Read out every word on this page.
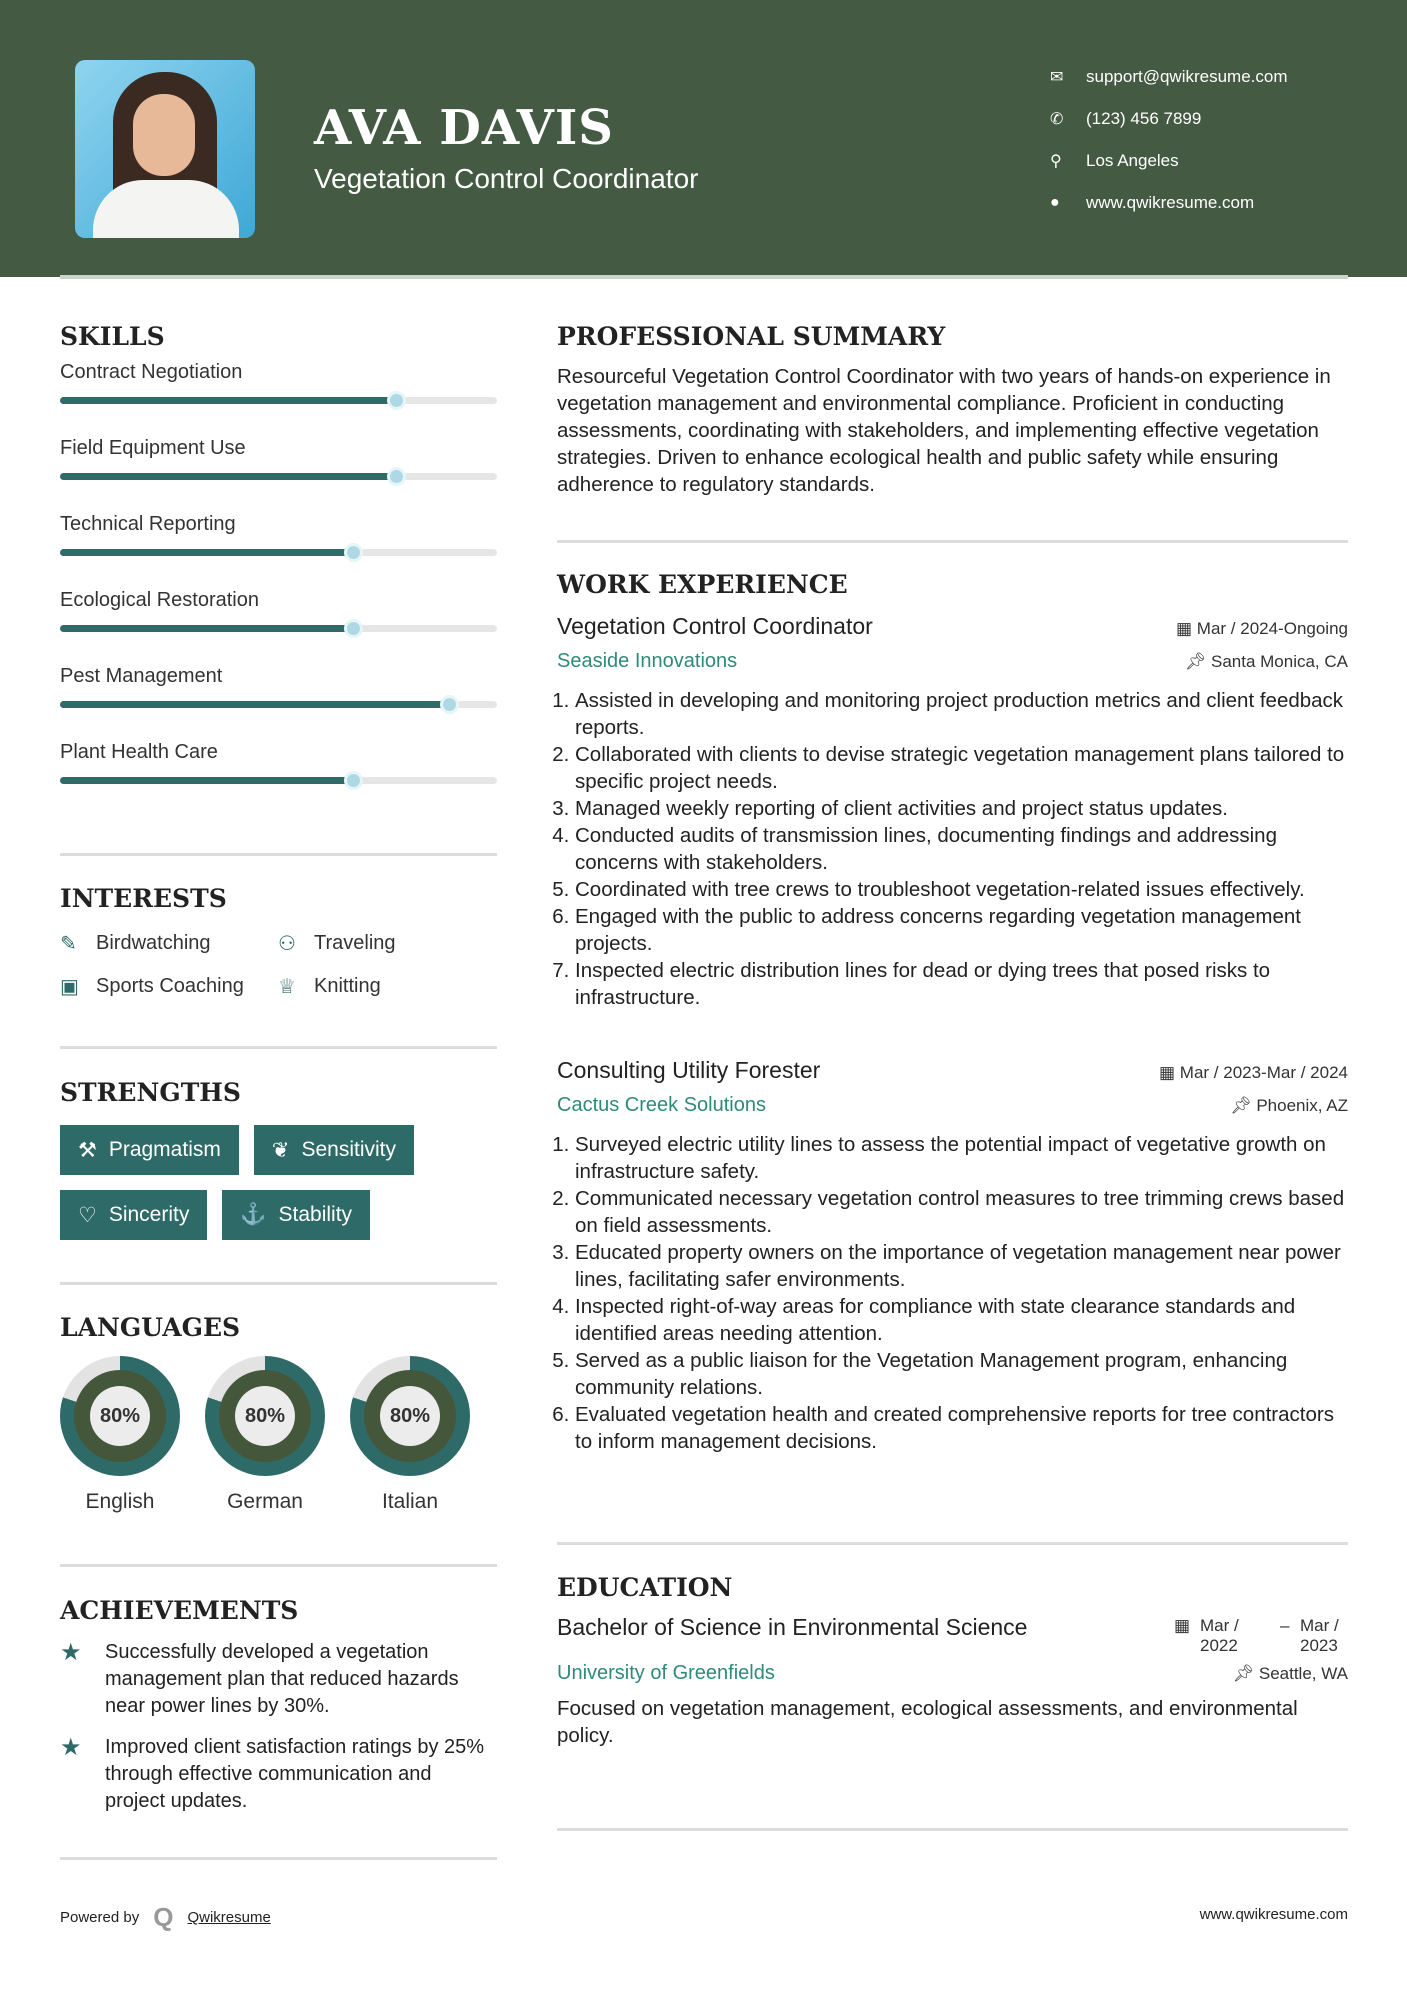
AVA DAVIS
Vegetation Control Coordinator
✉	support@qwikresume.com
✆	(123) 456 7899
⚲	Los Angeles
●	www.qwikresume.com
SKILLS
Contract Negotiation
Field Equipment Use
Technical Reporting
Ecological Restoration
Pest Management
Plant Health Care
INTERESTS
✎ Birdwatching	⚇ Traveling
▣ Sports Coaching ♕ Knitting
STRENGTHS
⚒ Pragmatism ❦ Sensitivity
♡ Sincerity ⚓ Stability
LANGUAGES
80%
English
80%
German
80%
Italian
ACHIEVEMENTS
★	Successfully developed a vegetation management plan that reduced hazards near power lines by 30%.
★	Improved client satisfaction ratings by 25% through effective communication and project updates.
PROFESSIONAL SUMMARY
Resourceful Vegetation Control Coordinator with two years of hands-on experience in vegetation management and environmental compliance. Proficient in conducting assessments, coordinating with stakeholders, and implementing effective vegetation strategies. Driven to enhance ecological health and public safety while ensuring adherence to regulatory standards.
WORK EXPERIENCE
Vegetation Control Coordinator	▦ Mar / 2024-Ongoing
Seaside Innovations	📌︎ Santa Monica, CA
1. Assisted in developing and monitoring project production metrics and client feedback reports.
2. Collaborated with clients to devise strategic vegetation management plans tailored to specific project needs.
3. Managed weekly reporting of client activities and project status updates.
4. Conducted audits of transmission lines, documenting findings and addressing concerns with stakeholders.
5. Coordinated with tree crews to troubleshoot vegetation-related issues effectively.
6. Engaged with the public to address concerns regarding vegetation management projects.
7. Inspected electric distribution lines for dead or dying trees that posed risks to infrastructure.
Consulting Utility Forester	▦ Mar / 2023-Mar / 2024
Cactus Creek Solutions	📌︎ Phoenix, AZ
1. Surveyed electric utility lines to assess the potential impact of vegetative growth on infrastructure safety.
2. Communicated necessary vegetation control measures to tree trimming crews based on field assessments.
3. Educated property owners on the importance of vegetation management near power lines, facilitating safer environments.
4. Inspected right-of-way areas for compliance with state clearance standards and identified areas needing attention.
5. Served as a public liaison for the Vegetation Management program, enhancing community relations.
6. Evaluated vegetation health and created comprehensive reports for tree contractors to inform management decisions.
EDUCATION
Bachelor of Science in Environmental Science	▦ Mar / 2022
– Mar / 2023
University of Greenfields	📌︎ Seattle, WA
Focused on vegetation management, ecological assessments, and environmental policy.
Powered by Q Qwikresume	www.qwikresume.com
